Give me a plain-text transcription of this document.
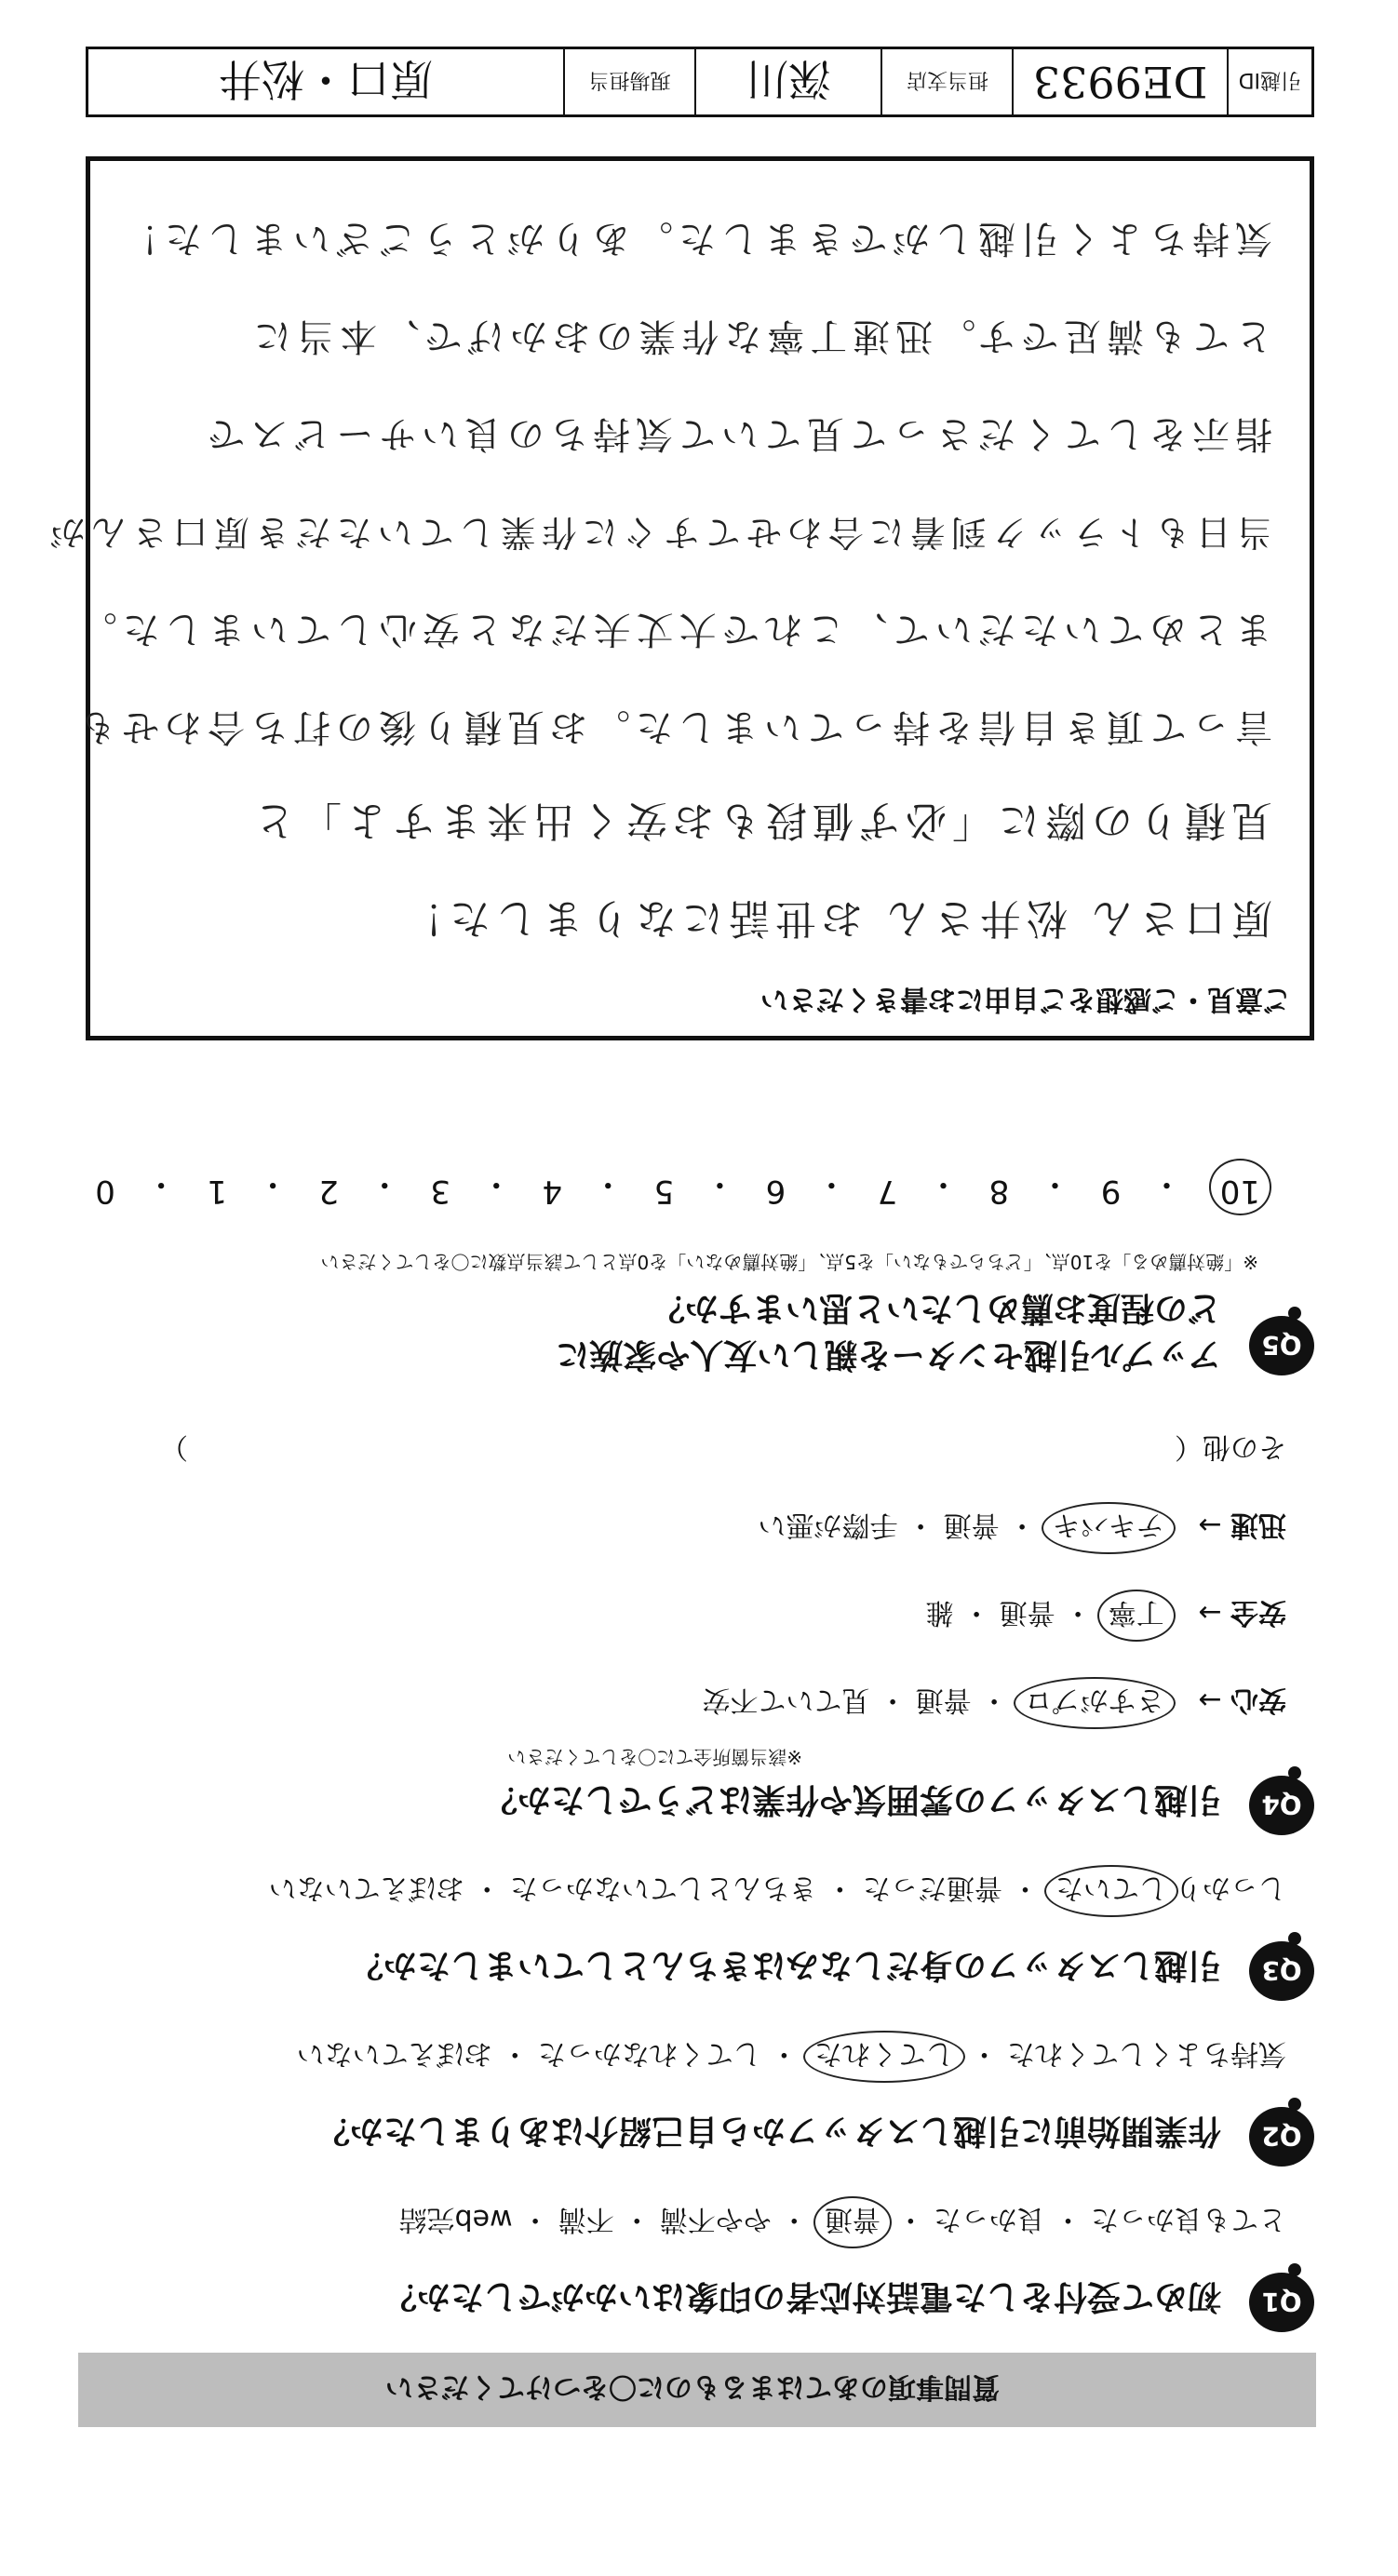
質問事項のあてはまるものに〇をつけてください
Q1
初めて受付をした電話対応者の印象はいかがでしたか？
とても良かった ・ 良かった ・ 普通 ・ やや不満 ・ 不満 ・ web完結
Q2
作業開始前に引越しスタッフから自己紹介はありましたか？
気持ちよくしてくれた ・ してくれた ・ してくれなかった ・ おぼえていない
Q3
引越しスタッフの身だしなみはきちんとしていましたか？
しっかりしていた ・ 普通だった ・ きちんとしていなかった ・ おぼえていない
Q4
引越しスタッフの雰囲気や作業はどうでしたか？
※該当箇所全てに〇をしてください
安心 →   さすがプロ ・ 普通 ・ 見ていて不安
安全 →   丁寧 ・ 普通 ・ 雑
迅速 →   テキパキ ・ 普通 ・ 手際が悪い
その他（
）
Q5
アップル引越センターを親しい友人や家族に
どの程度お薦めしたいと思いますか？
※「絶対薦める」を10点、「どちらでもない」を5点、「絶対薦めない」を0点として該当点数に〇をしてください
10
・
9
・
8
・
7
・
6
・
5
・
4
・
3
・
2
・
1
・
0
ご意見・ご感想をご自由にお書きください
原口さん 松井さん お世話になりました！
見積りの際に「必ず値段もお安く出来ますよ」と
言って頂き自信を持っていました。お見積り後の打ち合わせも
まとめていただいて、これで大丈夫だなと安心していました。
当日もトラック到着に合わせてすぐに作業していただき原口さんが
指示をしてくださって見ていて気持ちの良いサービスで
とても満足です。迅速丁寧な作業のおかげで、本当に
気持ちよく引越しができました。ありがとうございました！
引越ID
DE9933
担当支店
深川
現場担当
原口・松井
